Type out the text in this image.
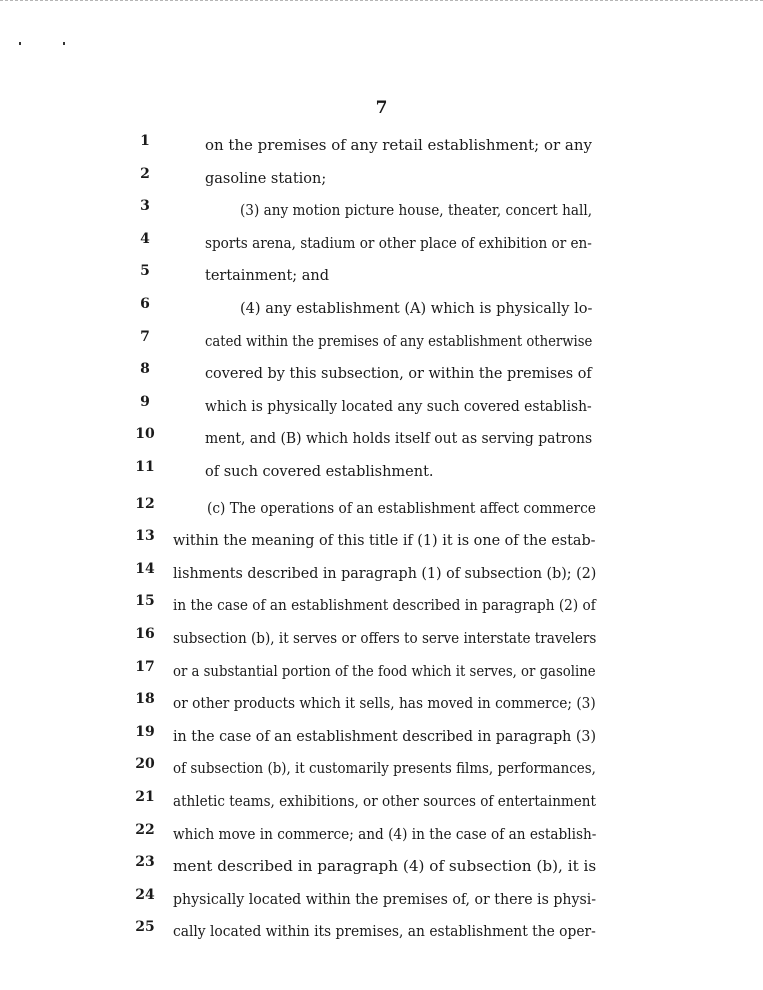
7
1	on the premises of any retail establishment; or any
2	gasoline station;
3	(3) any motion picture house, theater, concert hall,
4	sports arena, stadium or other place of exhibition or en-
5	tertainment; and
6	(4) any establishment (A) which is physically lo-
7	cated within the premises of any establishment otherwise
8	covered by this subsection, or within the premises of
9	which is physically located any such covered establish-
10	ment, and (B) which holds itself out as serving patrons
11	of such covered establishment.
12	(c) The operations of an establishment affect commerce
13	within the meaning of this title if (1) it is one of the estab-
14	lishments described in paragraph (1) of subsection (b); (2)
15	in the case of an establishment described in paragraph (2) of
16	subsection (b), it serves or offers to serve interstate travelers
17	or a substantial portion of the food which it serves, or gasoline
18	or other products which it sells, has moved in commerce; (3)
19	in the case of an establishment described in paragraph (3)
20	of subsection (b), it customarily presents films, performances,
21	athletic teams, exhibitions, or other sources of entertainment
22	which move in commerce; and (4) in the case of an establish-
23	ment described in paragraph (4) of subsection (b), it is
24	physically located within the premises of, or there is physi-
25	cally located within its premises, an establishment the oper-
